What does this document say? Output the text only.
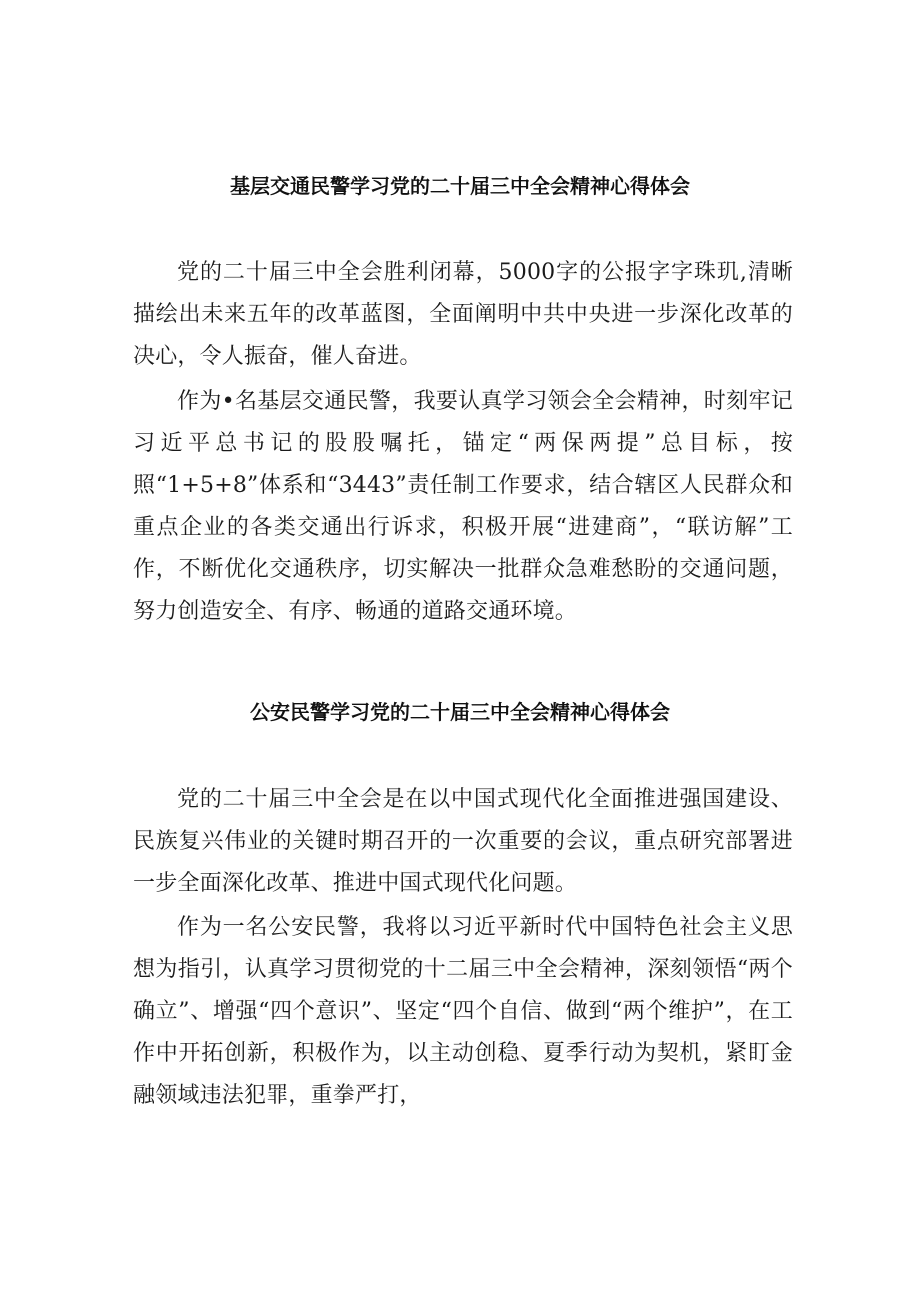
基层交通民警学习党的二十届三中全会精神心得体会

党的二十届三中全会胜利闭幕，5000字的公报字字珠玑,清晰描绘出未来五年的改革蓝图，全面阐明中共中央进一步深化改革的决心，令人振奋，催人奋进。

作为•名基层交通民警，我要认真学习领会全会精神，时刻牢记习近平总书记的股股嘱托，锚定“两保两提”总目标，按照“1+5+8”体系和“3443”责任制工作要求，结合辖区人民群众和重点企业的各类交通出行诉求，积极开展“进建商”，“联访解”工作，不断优化交通秩序，切实解决一批群众急难愁盼的交通问题，努力创造安全、有序、畅通的道路交通环境。

公安民警学习党的二十届三中全会精神心得体会

党的二十届三中全会是在以中国式现代化全面推进强国建设、民族复兴伟业的关键时期召开的一次重要的会议，重点研究部署进一步全面深化改革、推进中国式现代化问题。

作为一名公安民警，我将以习近平新时代中国特色社会主义思想为指引，认真学习贯彻党的十二届三中全会精神，深刻领悟“两个确立”、增强“四个意识”、坚定“四个自信、做到“两个维护”，在工作中开拓创新，积极作为，以主动创稳、夏季行动为契机，紧盯金融领域违法犯罪，重拳严打，
